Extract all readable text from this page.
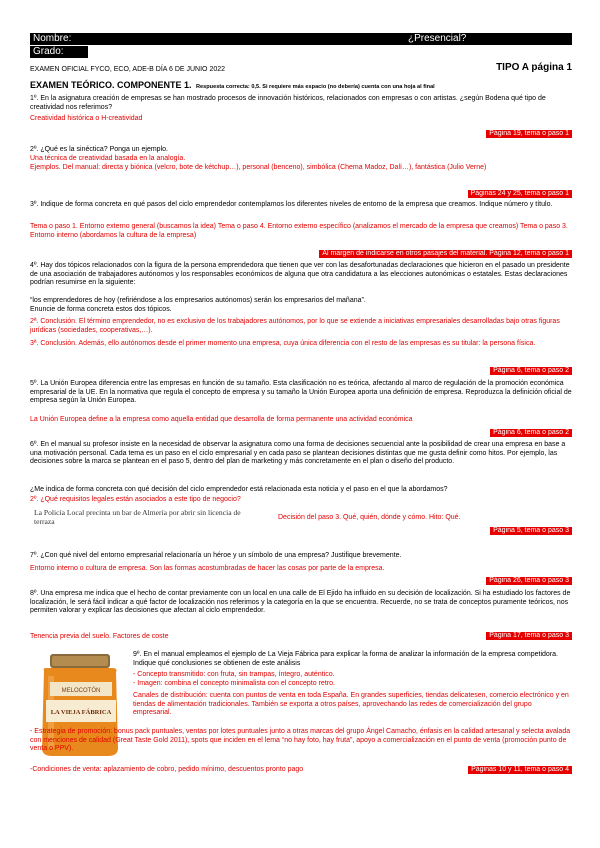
Nombre:	¿Presencial?
Grado:
EXAMEN OFICIAL FYCO, ECO, ADE-B DÍA 6 DE JUNIO 2022	TIPO A página 1
EXAMEN TEÓRICO. COMPONENTE 1. Respuesta correcta: 0,5. Si requiere más espacio (no debería) cuenta con una hoja al final
1º. En la asignatura creación de empresas se han mostrado procesos de innovación históricos, relacionados con empresas o con artistas. ¿según Bodena qué tipo de creatividad nos referimos?
Creatividad histórica o H-creatividad
Página 19, tema o paso 1
2º. ¿Qué es la sinéctica? Ponga un ejemplo.
Una técnica de creatividad basada en la analogía.
Ejemplos. Del manual: directa y biónica (velcro, bote de kétchup…), personal (benceno), simbólica (Chema Madoz, Dalí…), fantástica (Julio Verne)
Páginas 24 y 25, tema o paso 1
3º. Indique de forma concreta en qué pasos del ciclo emprendedor contemplamos los diferentes niveles de entorno de la empresa que creamos. Indique número y título.
Tema o paso 1. Entorno externo general (buscamos la idea) Tema o paso 4. Entorno externo específico (analizamos el mercado de la empresa que creamos) Tema o paso 3. Entorno interno (abordamos la cultura de la empresa)
Al margen de indicarse en otros pasajes del material. Página 12, tema o paso 1
4º. Hay dos tópicos relacionados con la figura de la persona emprendedora que tienen que ver con las desafortunadas declaraciones que hicieron en el pasado un presidente de una asociación de trabajadores autónomos y los responsables económicos de alguna que otra candidatura a las elecciones autonómicas o estatales. Estas declaraciones podrían resumirse en la siguiente:
“los emprendedores de hoy (refiriéndose a los empresarios autónomos) serán los empresarios del mañana”.
Enuncie de forma concreta estos dos tópicos.
2ª. Conclusión. El término emprendedor, no es exclusivo de los trabajadores autónomos, por lo que se extiende a iniciativas empresariales desarrolladas bajo otras figuras jurídicas (sociedades, cooperativas,…).
3ª. Conclusión. Además, ello autónomos desde el primer momento una empresa, cuya única diferencia con el resto de las empresas es su titular: la persona física.
Página 6, tema o paso 2
5º. La Unión Europea diferencia entre las empresas en función de su tamaño. Esta clasificación no es teórica, afectando al marco de regulación de la promoción económica empresarial de la UE. En la normativa que regula el concepto de empresa y su tamaño la Unión Europea aporta una definición de empresa. Reproduzca la definición oficial de empresa según la Unión Europea.
La Unión Europea define a la empresa como aquella entidad que desarrolla de forma permanente una actividad económica
Página 6, tema o paso 2
6º. En el manual su profesor insiste en la necesidad de observar la asignatura como una forma de decisiones secuencial ante la posibilidad de crear una empresa en base a una motivación personal. Cada tema es un paso en el ciclo empresarial y en cada paso se plantean decisiones distintas que me gusta definir como hitos. Por ejemplo, las decisiones sobre la marca se plantean en el paso 5, dentro del plan de marketing y más concretamente en el plan o diseño del producto.
¿Me indica de forma concreta con qué decisión del ciclo emprendedor está relacionada esta noticia y el paso en el que la abordamos?
2º. ¿Qué requisitos legales están asociados a este tipo de negocio?
La Policía Local precinta un bar de Almería por abrir sin licencia de terraza	Decisión del paso 3. Qué, quién, dónde y cómo. Hito: Qué.
Página 5, tema o paso 3
7º. ¿Con qué nivel del entorno empresarial relacionaría un héroe y un símbolo de una empresa? Justifique brevemente.
Entorno interno o cultura de empresa. Son las formas acostumbradas de hacer las cosas por parte de la empresa.
Página 26, tema o paso 3
8º. Una empresa me indica que el hecho de contar previamente con un local en una calle de El Ejido ha influido en su decisión de localización. Si ha estudiado los factores de localización, le será fácil indicar a qué factor de localización nos referimos y la categoría en la que se encuentra. Recuerde, no se trata de conceptos puramente teóricos, nos permiten valorar y explicar las decisiones que afectan al ciclo emprendedor.
Tenencia previa del suelo. Factores de coste	Página 17, tema o paso 3
MELOCOTÓN
LA VIEJA FÁBRICA
9º. En el manual empleamos el ejemplo de La Vieja Fábrica para explicar la forma de analizar la información de la empresa competidora. Indique qué conclusiones se obtienen de este análisis
- Concepto transmitido: con fruta, sin trampas, íntegro, auténtico.
- Imagen: combina el concepto minimalista con el concepto retro.
Canales de distribución: cuenta con puntos de venta en toda España. En grandes superficies, tiendas delicatesen, comercio electrónico y en tiendas de alimentación tradicionales. También se exporta a otros países, aprovechando las redes de comercialización del grupo empresarial.
- Estrategia de promoción: bonus pack puntuales, ventas por lotes puntuales junto a otras marcas del grupo Ángel Camacho, énfasis en la calidad artesanal y selecta avalada con menciones de calidad (Great Taste Gold 2011), spots que inciden en el lema “no hay foto, hay fruta”, apoyo a comercialización en el punto de venta (promoción punto de venta o PPV).
-Condiciones de venta: aplazamiento de cobro, pedido mínimo, descuentos pronto pago	Páginas 10 y 11, tema o paso 4
